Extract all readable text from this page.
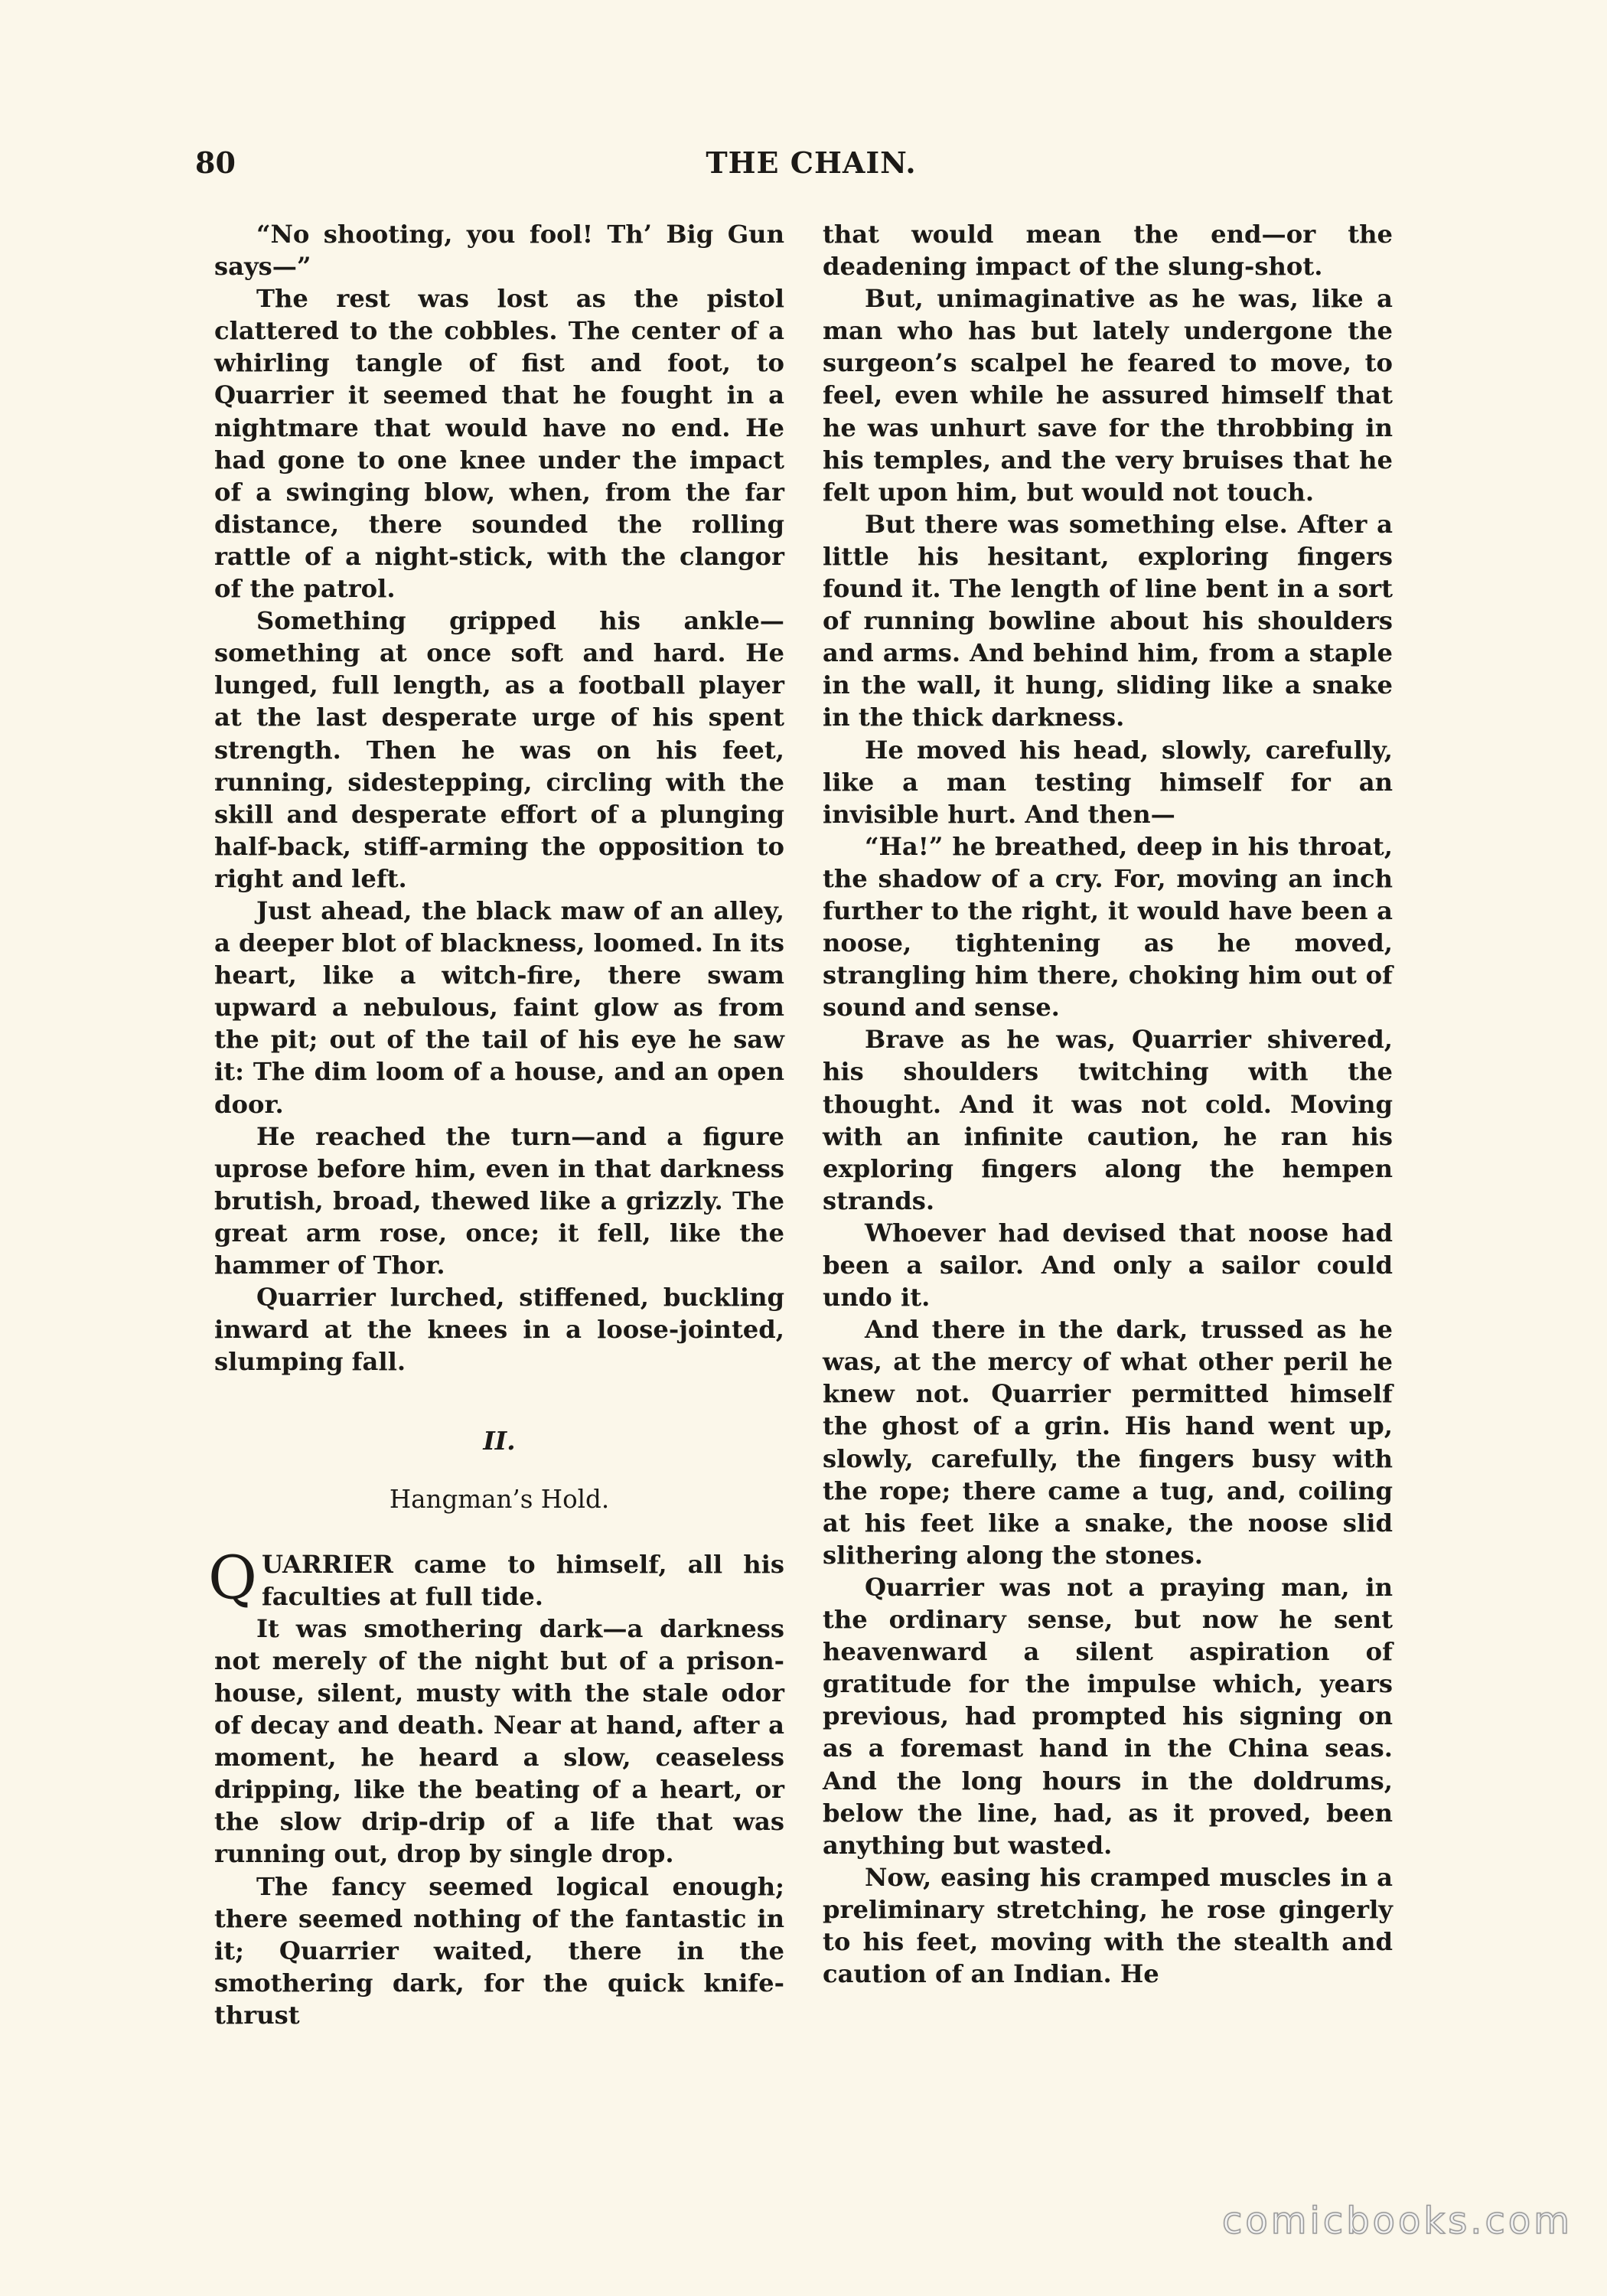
80	THE CHAIN.

“No shooting, you fool! Th’ Big Gun says—”

The rest was lost as the pistol clattered to the cobbles. The center of a whirling tangle of fist and foot, to Quarrier it seemed that he fought in a nightmare that would have no end. He had gone to one knee under the impact of a swinging blow, when, from the far distance, there sounded the rolling rattle of a night-stick, with the clangor of the patrol.

Something gripped his ankle—something at once soft and hard. He lunged, full length, as a football player at the last desperate urge of his spent strength. Then he was on his feet, running, sidestepping, circling with the skill and desperate effort of a plunging half-back, stiff-arming the opposition to right and left.

Just ahead, the black maw of an alley, a deeper blot of blackness, loomed. In its heart, like a witch-fire, there swam upward a nebulous, faint glow as from the pit; out of the tail of his eye he saw it: The dim loom of a house, and an open door.

He reached the turn—and a figure uprose before him, even in that darkness brutish, broad, thewed like a grizzly. The great arm rose, once; it fell, like the hammer of Thor.

Quarrier lurched, stiffened, buckling inward at the knees in a loose-jointed, slumping fall.

II.
Hangman’s Hold.

QUARRIER came to himself, all his faculties at full tide.

It was smothering dark—a darkness not merely of the night but of a prison-house, silent, musty with the stale odor of decay and death. Near at hand, after a moment, he heard a slow, ceaseless dripping, like the beating of a heart, or the slow drip-drip of a life that was running out, drop by single drop.

The fancy seemed logical enough; there seemed nothing of the fantastic in it; Quarrier waited, there in the smothering dark, for the quick knife-thrust

that would mean the end—or the deadening impact of the slung-shot.

But, unimaginative as he was, like a man who has but lately undergone the surgeon’s scalpel he feared to move, to feel, even while he assured himself that he was unhurt save for the throbbing in his temples, and the very bruises that he felt upon him, but would not touch.

But there was something else. After a little his hesitant, exploring fingers found it. The length of line bent in a sort of running bowline about his shoulders and arms. And behind him, from a staple in the wall, it hung, sliding like a snake in the thick darkness.

He moved his head, slowly, carefully, like a man testing himself for an invisible hurt. And then—

“Ha!” he breathed, deep in his throat, the shadow of a cry. For, moving an inch further to the right, it would have been a noose, tightening as he moved, strangling him there, choking him out of sound and sense.

Brave as he was, Quarrier shivered, his shoulders twitching with the thought. And it was not cold. Moving with an infinite caution, he ran his exploring fingers along the hempen strands.

Whoever had devised that noose had been a sailor. And only a sailor could undo it.

And there in the dark, trussed as he was, at the mercy of what other peril he knew not. Quarrier permitted himself the ghost of a grin. His hand went up, slowly, carefully, the fingers busy with the rope; there came a tug, and, coiling at his feet like a snake, the noose slid slithering along the stones.

Quarrier was not a praying man, in the ordinary sense, but now he sent heavenward a silent aspiration of gratitude for the impulse which, years previous, had prompted his signing on as a foremast hand in the China seas. And the long hours in the doldrums, below the line, had, as it proved, been anything but wasted.

Now, easing his cramped muscles in a preliminary stretching, he rose gingerly to his feet, moving with the stealth and caution of an Indian. He

comicbooks.com
